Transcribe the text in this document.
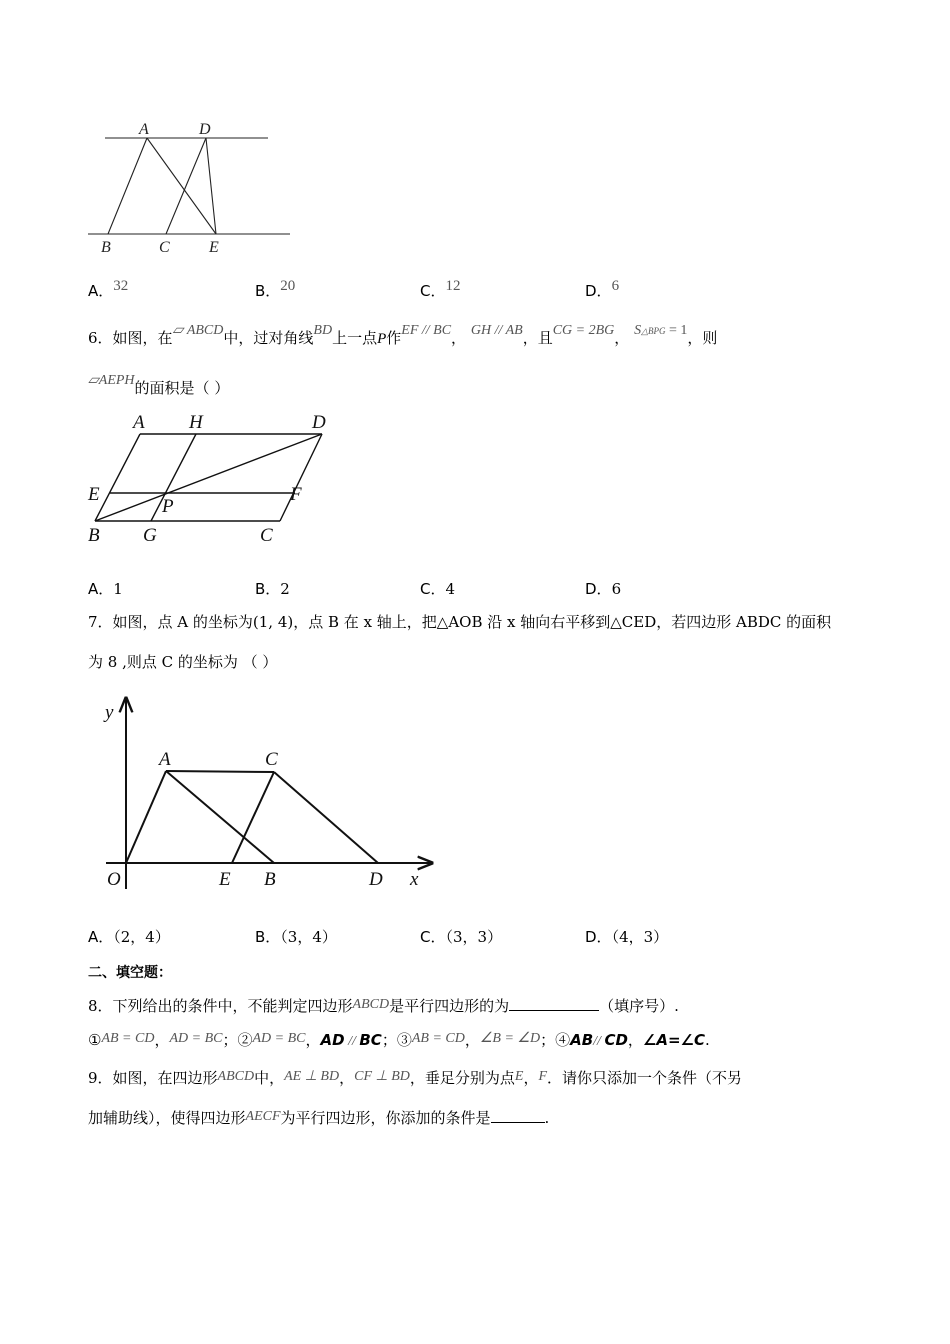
A	D
B	C E
A．32	B．20	C．12	D．6
6．如图，在▱ ABCD中，过对角线BD上一点P作EF // BC， GH // AB，且CG = 2BG， S△BPG = 1，则
▱AEPH的面积是（ ）
A H	D
E	F
P
B G	C
A．1	B．2	C．4	D．6
7．如图，点 A 的坐标为(1, 4)，点 B 在 x 轴上，把△AOB 沿 x 轴向右平移到△CED，若四边形 ABDC 的面积
为 8 ,则点 C 的坐标为 （ ）
y
A	C
O	E B	D x
A．（2，4）	B．（3，4）	C．（3，3）	D．（4，3）
二、填空题：
8．下列给出的条件中，不能判定四边形ABCD是平行四边形的为	（填序号）.
①AB = CD，AD = BC；②AD = BC，AD // BC；③AB = CD，∠B = ∠D；④AB// CD，∠A=∠C.
9．如图，在四边形ABCD中，AE ⊥ BD，CF ⊥ BD，垂足分别为点E，F．请你只添加一个条件（不另
加辅助线），使得四边形AECF为平行四边形，你添加的条件是	.
